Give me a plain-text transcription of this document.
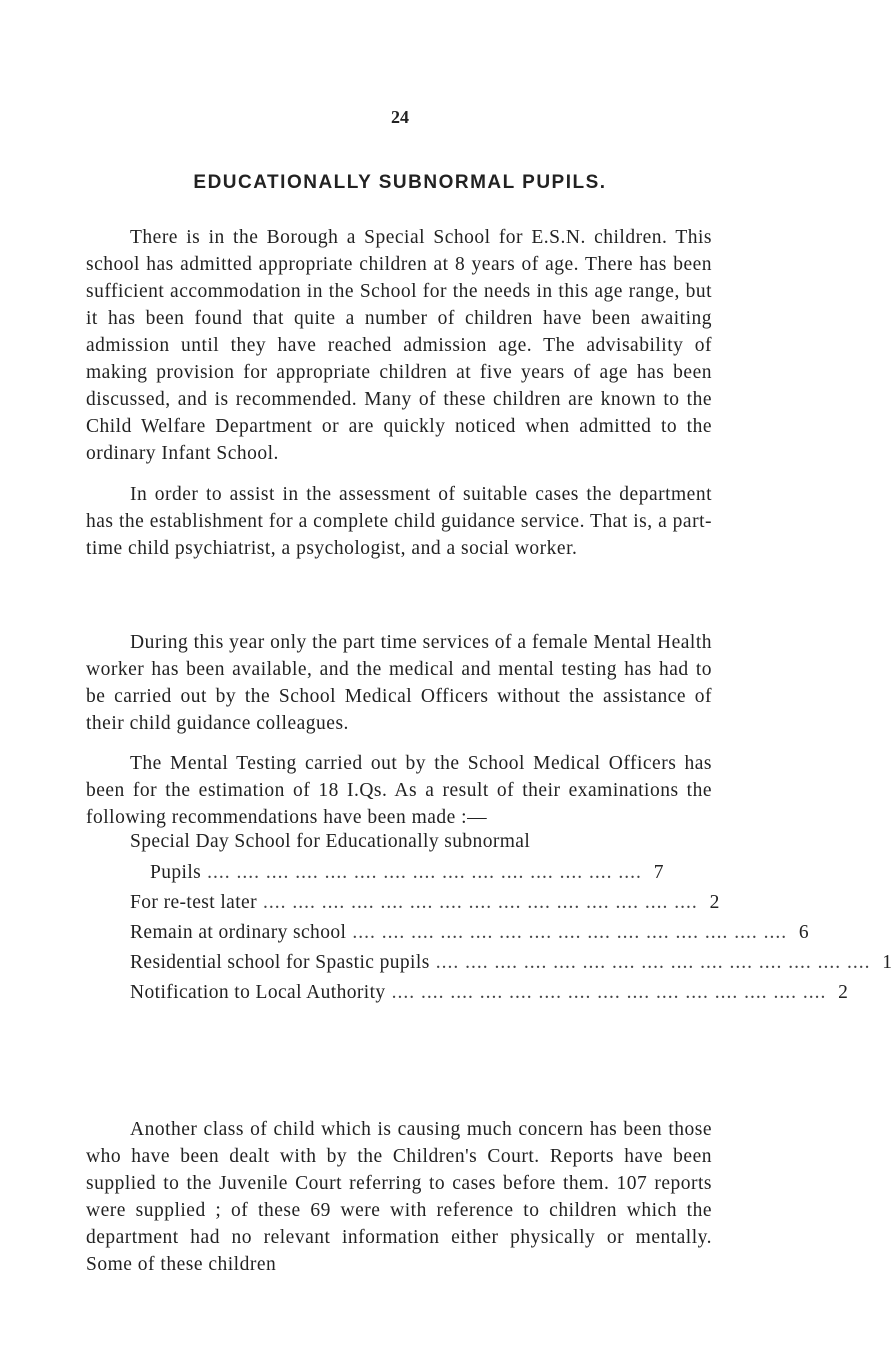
24
EDUCATIONALLY SUBNORMAL PUPILS.

There is in the Borough a Special School for E.S.N. children. This school has admitted appropriate children at 8 years of age. There has been sufficient accommodation in the School for the needs in this age range, but it has been found that quite a number of children have been awaiting admission until they have reached admission age. The advisability of making provision for appropriate children at five years of age has been discussed, and is recommended. Many of these children are known to the Child Welfare Department or are quickly noticed when admitted to the ordinary Infant School.

In order to assist in the assessment of suitable cases the department has the establishment for a complete child guidance service. That is, a part-time child psychiatrist, a psychologist, and a social worker.

During this year only the part time services of a female Mental Health worker has been available, and the medical and mental testing has had to be carried out by the School Medical Officers without the assistance of their child guidance colleagues.

The Mental Testing carried out by the School Medical Officers has been for the estimation of 18 I.Qs. As a result of their examinations the following recommendations have been made :—

Special Day School for Educationally subnormal
Pupils .... .... .... .... .... .... .... .... .... .... .... .... .... .... .... 7
For re-test later .... .... .... .... .... .... .... .... .... .... .... .... .... .... .... 2
Remain at ordinary school .... .... .... .... .... .... .... .... .... .... .... .... .... .... .... 6
Residential school for Spastic pupils .... .... .... .... .... .... .... .... .... .... .... .... .... .... .... 1
Notification to Local Authority .... .... .... .... .... .... .... .... .... .... .... .... .... .... .... 2

Another class of child which is causing much concern has been those who have been dealt with by the Children's Court. Reports have been supplied to the Juvenile Court referring to cases before them. 107 reports were supplied ; of these 69 were with reference to children which the department had no relevant information either physically or mentally. Some of these children
